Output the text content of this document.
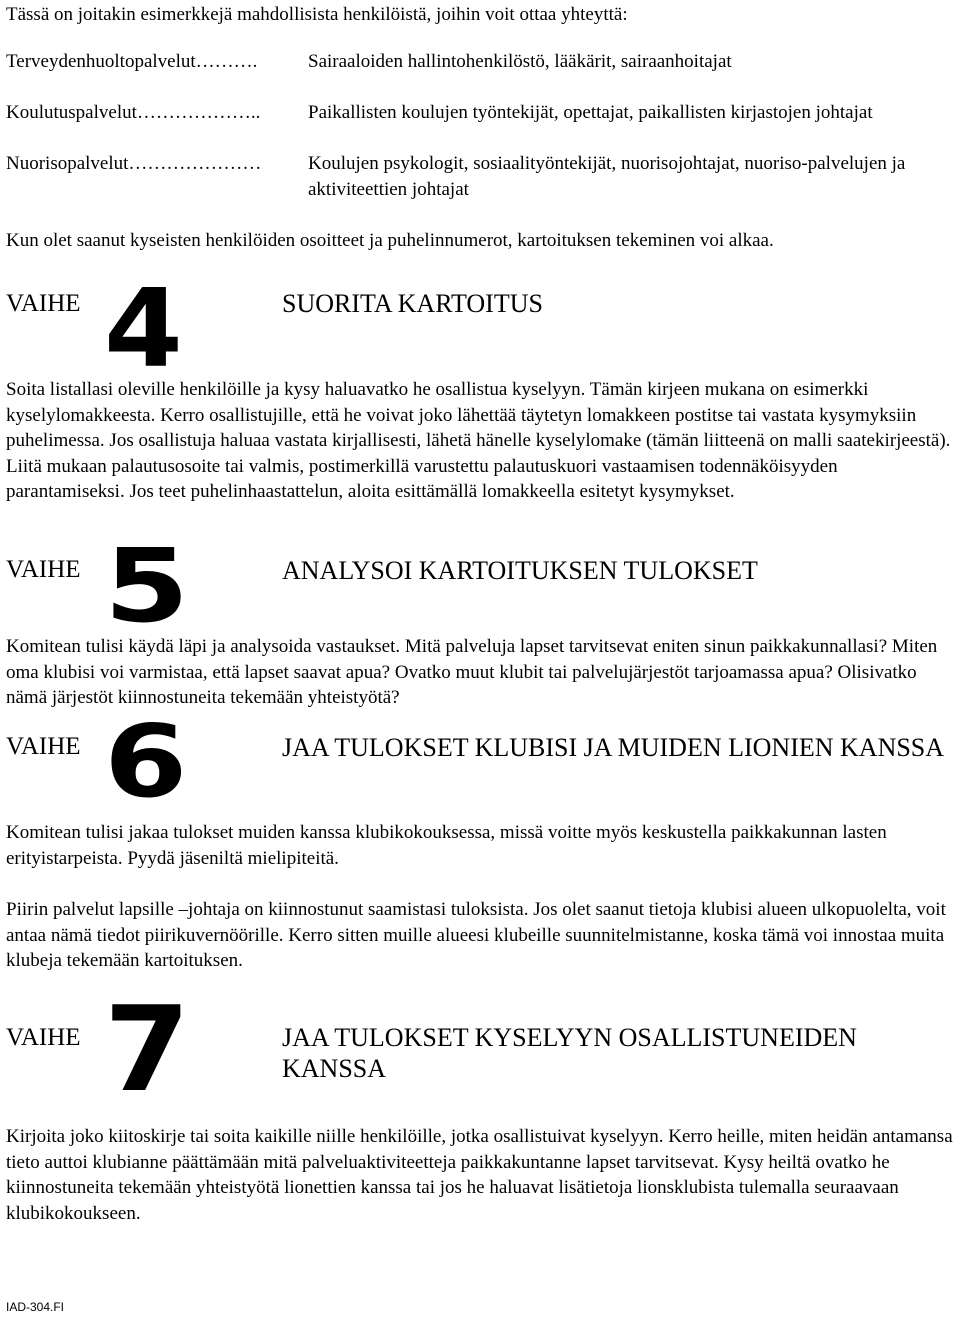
Tässä on joitakin esimerkkejä mahdollisista henkilöistä, joihin voit ottaa yhteyttä:

Terveydenhuoltopalvelut……….	Sairaaloiden hallintohenkilöstö, lääkärit, sairaanhoitajat
Koulutuspalvelut………………..	Paikallisten koulujen työntekijät, opettajat, paikallisten kirjastojen johtajat
Nuorisopalvelut…………………	Koulujen psykologit, sosiaalityöntekijät, nuorisojohtajat, nuoriso-palvelujen ja aktiviteettien johtajat

Kun olet saanut kyseisten henkilöiden osoitteet ja puhelinnumerot, kartoituksen tekeminen voi alkaa.

VAIHE 4	SUORITA KARTOITUS

Soita listallasi oleville henkilöille ja kysy haluavatko he osallistua kyselyyn. Tämän kirjeen mukana on esimerkki kyselylomakkeesta. Kerro osallistujille, että he voivat joko lähettää täytetyn lomakkeen postitse tai vastata kysymyksiin puhelimessa. Jos osallistuja haluaa vastata kirjallisesti, lähetä hänelle kyselylomake (tämän liitteenä on malli saatekirjeestä). Liitä mukaan palautusosoite tai valmis, postimerkillä varustettu palautuskuori vastaamisen todennäköisyyden parantamiseksi. Jos teet puhelinhaastattelun, aloita esittämällä lomakkeella esitetyt kysymykset.

VAIHE 5	ANALYSOI KARTOITUKSEN TULOKSET

Komitean tulisi käydä läpi ja analysoida vastaukset. Mitä palveluja lapset tarvitsevat eniten sinun paikkakunnallasi? Miten oma klubisi voi varmistaa, että lapset saavat apua? Ovatko muut klubit tai palvelujärjestöt tarjoamassa apua? Olisivatko nämä järjestöt kiinnostuneita tekemään yhteistyötä?

VAIHE 6	JAA TULOKSET KLUBISI JA MUIDEN LIONIEN KANSSA

Komitean tulisi jakaa tulokset muiden kanssa klubikokouksessa, missä voitte myös keskustella paikkakunnan lasten erityistarpeista. Pyydä jäseniltä mielipiteitä.

Piirin palvelut lapsille –johtaja on kiinnostunut saamistasi tuloksista. Jos olet saanut tietoja klubisi alueen ulkopuolelta, voit antaa nämä tiedot piirikuvernöörille. Kerro sitten muille alueesi klubeille suunnitelmistanne, koska tämä voi innostaa muita klubeja tekemään kartoituksen.

VAIHE 7	JAA TULOKSET KYSELYYN OSALLISTUNEIDEN KANSSA

Kirjoita joko kiitoskirje tai soita kaikille niille henkilöille, jotka osallistuivat kyselyyn. Kerro heille, miten heidän antamansa tieto auttoi klubianne päättämään mitä palveluaktiviteetteja paikkakuntanne lapset tarvitsevat. Kysy heiltä ovatko he kiinnostuneita tekemään yhteistyötä lionettien kanssa tai jos he haluavat lisätietoja lionsklubista tulemalla seuraavaan klubikokoukseen.

IAD-304.FI
